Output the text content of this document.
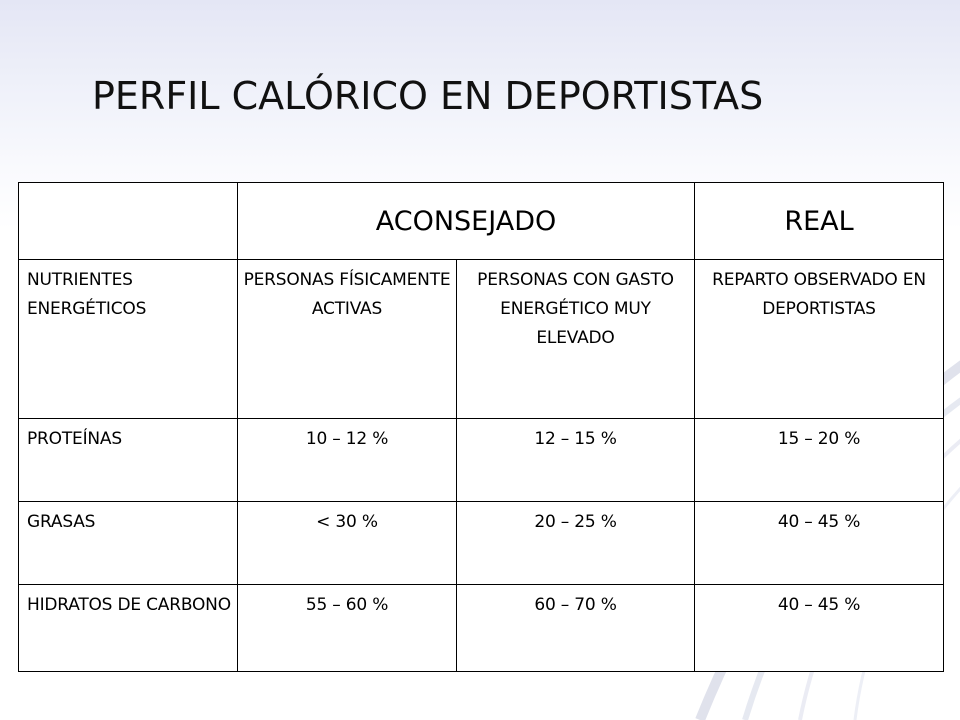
PERFIL CALÓRICO EN DEPORTISTAS
	ACONSEJADO		REAL
NUTRIENTES ENERGÉTICOS	PERSONAS FÍSICAMENTE ACTIVAS	PERSONAS CON GASTO ENERGÉTICO MUY ELEVADO	REPARTO OBSERVADO EN DEPORTISTAS
PROTEÍNAS	10 – 12 %	12 – 15 %	15 – 20 %
GRASAS	< 30 %	20 – 25 %	40 – 45 %
HIDRATOS DE CARBONO	55 – 60 %	60 – 70 %	40 – 45 %
